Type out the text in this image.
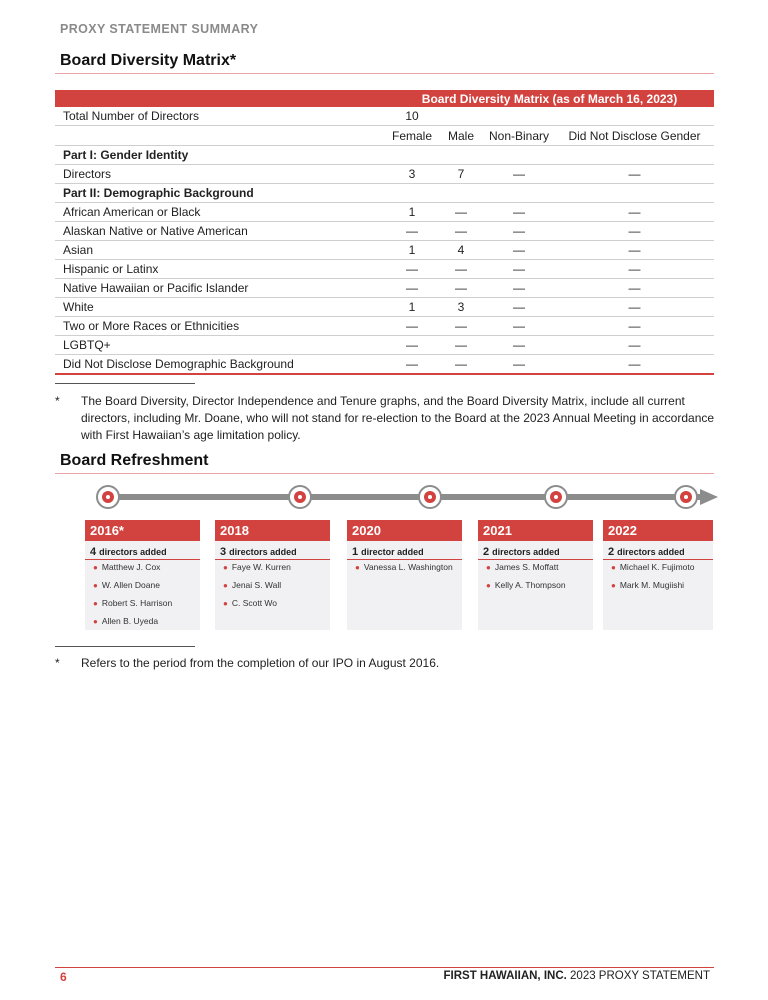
PROXY STATEMENT SUMMARY
Board Diversity Matrix*
	Board Diversity Matrix (as of March 16, 2023)			
Total Number of Directors	10			
	Female	Male	Non-Binary	Did Not Disclose Gender
Part I: Gender Identity				
Directors	3	7	—	—
Part II: Demographic Background				
African American or Black	1	—	—	—
Alaskan Native or Native American	—	—	—	—
Asian	1	4	—	—
Hispanic or Latinx	—	—	—	—
Native Hawaiian or Pacific Islander	—	—	—	—
White	1	3	—	—
Two or More Races or Ethnicities	—	—	—	—
LGBTQ+	—	—	—	—
Did Not Disclose Demographic Background	—	—	—	—
* The Board Diversity, Director Independence and Tenure graphs, and the Board Diversity Matrix, include all current directors, including Mr. Doane, who will not stand for re-election to the Board at the 2023 Annual Meeting in accordance with First Hawaiian’s age limitation policy.
Board Refreshment
2016*
4 directors added
● Matthew J. Cox
● W. Allen Doane
● Robert S. Harrison
● Allen B. Uyeda
2018
3 directors added
● Faye W. Kurren
● Jenai S. Wall
● C. Scott Wo
2020
1 director added
● Vanessa L. Washington
2021
2 directors added
● James S. Moffatt
● Kelly A. Thompson
2022
2 directors added
● Michael K. Fujimoto
● Mark M. Mugiishi
* Refers to the period from the completion of our IPO in August 2016.
6	FIRST HAWAIIAN, INC. 2023 PROXY STATEMENT
